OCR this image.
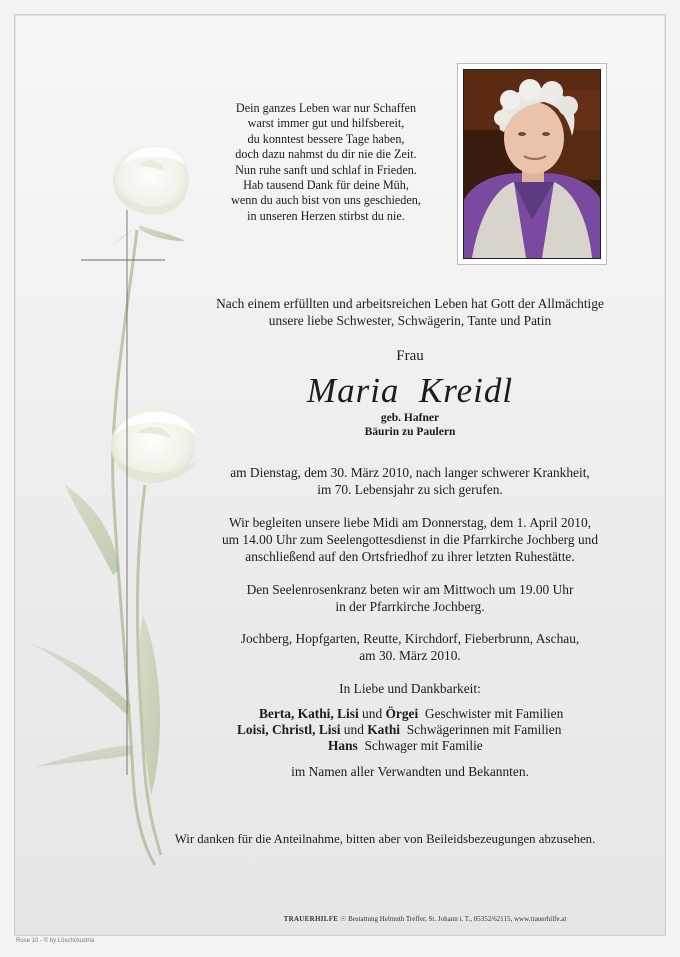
Dein ganzes Leben war nur Schaffen
warst immer gut und hilfsbereit,
du konntest bessere Tage haben,
doch dazu nahmst du dir nie die Zeit.
Nun ruhe sanft und schlaf in Frieden.
Hab tausend Dank für deine Müh,
wenn du auch bist von uns geschieden,
in unseren Herzen stirbst du nie.
Nach einem erfüllten und arbeitsreichen Leben hat Gott der Allmächtige
unsere liebe Schwester, Schwägerin, Tante und Patin
Frau
Maria  Kreidl
geb. Hafner
Bäurin zu Paulern
am Dienstag, dem 30. März 2010, nach langer schwerer Krankheit,
im 70. Lebensjahr zu sich gerufen.
Wir begleiten unsere liebe Midi am Donnerstag, dem 1. April 2010,
um 14.00 Uhr zum Seelengottesdienst in die Pfarrkirche Jochberg und
anschließend auf den Ortsfriedhof zu ihrer letzten Ruhestätte.
Den Seelenrosenkranz beten wir am Mittwoch um 19.00 Uhr
in der Pfarrkirche Jochberg.
Jochberg, Hopfgarten, Reutte, Kirchdorf, Fieberbrunn, Aschau,
am 30. März 2010.
In Liebe und Dankbarkeit:
Berta, Kathi, Lisi und Örgei Geschwister mit Familien
Loisi, Christl, Lisi und Kathi Schwägerinnen mit Familien
Hans Schwager mit Familie
im Namen aller Verwandten und Bekannten.
Wir danken für die Anteilnahme, bitten aber von Beileidsbezeugungen abzusehen.
TRAUERHILFE ☉ Bestattung Helmuth Treffer, St. Johann i. T., 05352/62115, www.trauerhilfe.at
Rose 10 - © by Lösch/Austria
